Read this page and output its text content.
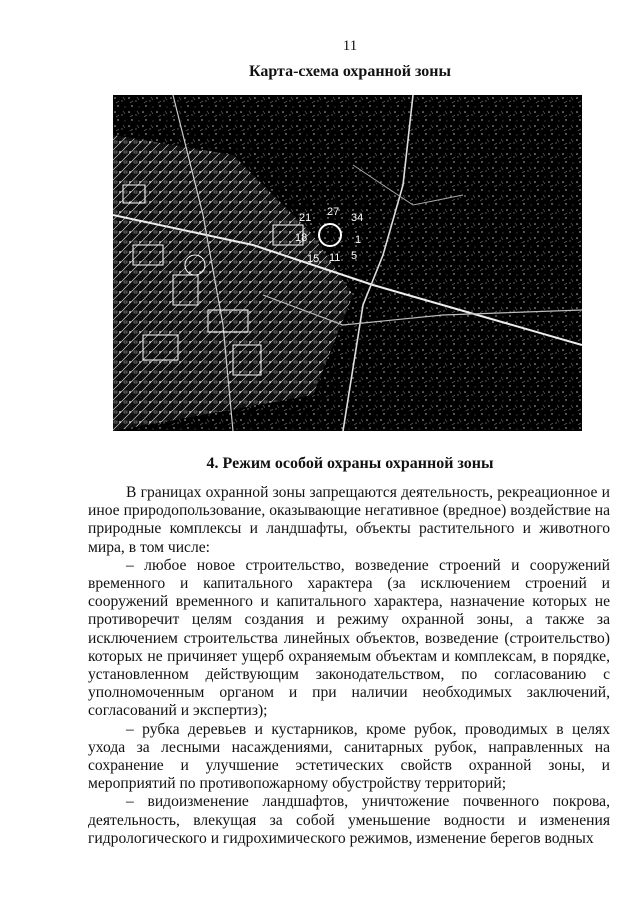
11
Карта-схема охранной зоны
21 27 34
18	1
15 11 5
4. Режим особой охраны охранной зоны

В границах охранной зоны запрещаются деятельность, рекреационное и иное природопользование, оказывающие негативное (вредное) воздействие на природные комплексы и ландшафты, объекты растительного и животного мира, в том числе:

– любое новое строительство, возведение строений и сооружений временного и капитального характера (за исключением строений и сооружений временного и капитального характера, назначение которых не противоречит целям создания и режиму охранной зоны, а также за исключением строительства линейных объектов, возведение (строительство) которых не причиняет ущерб охраняемым объектам и комплексам, в порядке, установленном действующим законодательством, по согласованию с уполномоченным органом и при наличии необходимых заключений, согласований и экспертиз);

– рубка деревьев и кустарников, кроме рубок, проводимых в целях ухода за лесными насаждениями, санитарных рубок, направленных на сохранение и улучшение эстетических свойств охранной зоны, и мероприятий по противопожарному обустройству территорий;

– видоизменение ландшафтов, уничтожение почвенного покрова, деятельность, влекущая за собой уменьшение водности и изменения гидрологического и гидрохимического режимов, изменение берегов водных
